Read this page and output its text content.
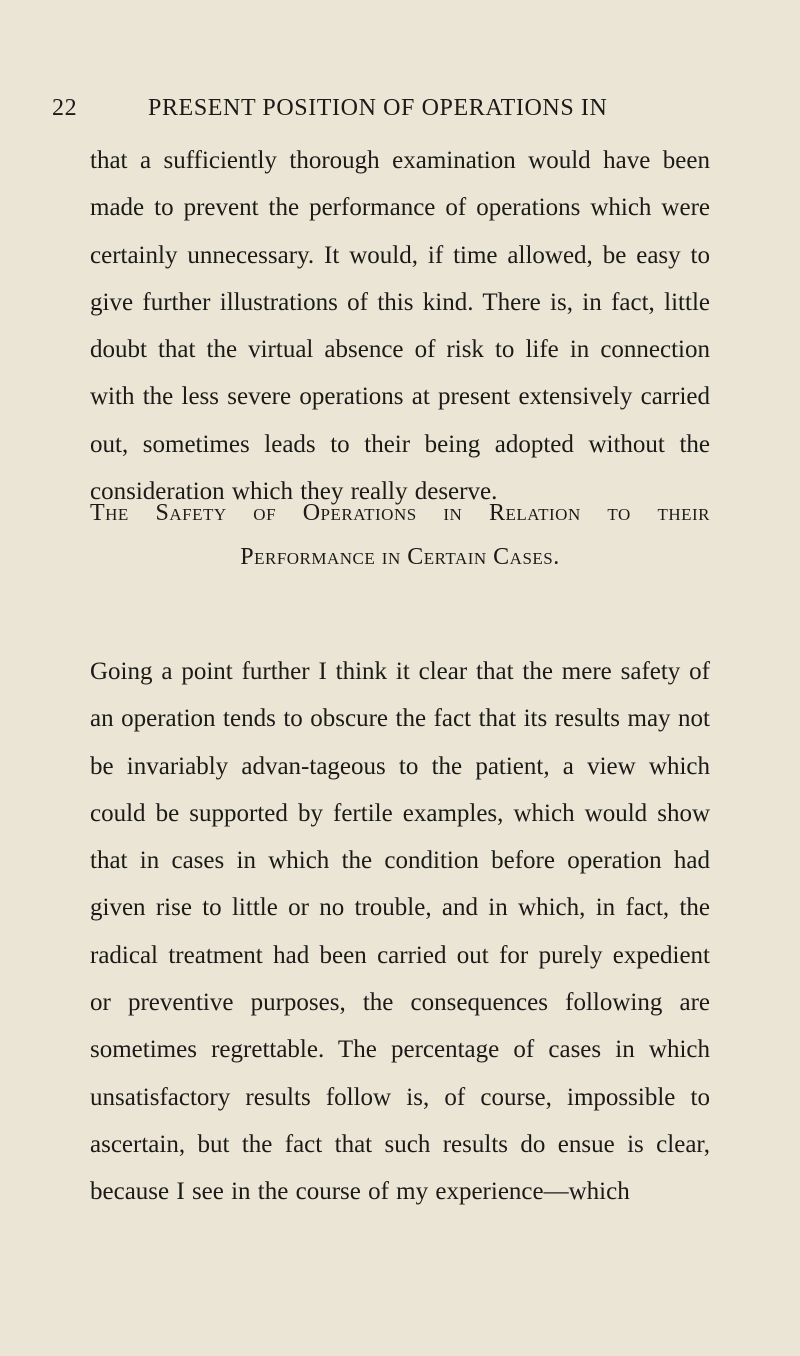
22	PRESENT POSITION OF OPERATIONS IN

that a sufficiently thorough examination would have been made to prevent the performance of operations which were certainly unnecessary. It would, if time allowed, be easy to give further illustrations of this kind. There is, in fact, little doubt that the virtual absence of risk to life in connection with the less severe operations at present extensively carried out, sometimes leads to their being adopted without the consideration which they really deserve.

The Safety of Operations in Relation to their
Performance in Certain Cases.

Going a point further I think it clear that the mere safety of an operation tends to obscure the fact that its results may not be invariably advan-tageous to the patient, a view which could be supported by fertile examples, which would show that in cases in which the condition before operation had given rise to little or no trouble, and in which, in fact, the radical treatment had been carried out for purely expedient or preventive purposes, the consequences following are sometimes regrettable. The percentage of cases in which unsatisfactory results follow is, of course, impossible to ascertain, but the fact that such results do ensue is clear, because I see in the course of my experience—which
